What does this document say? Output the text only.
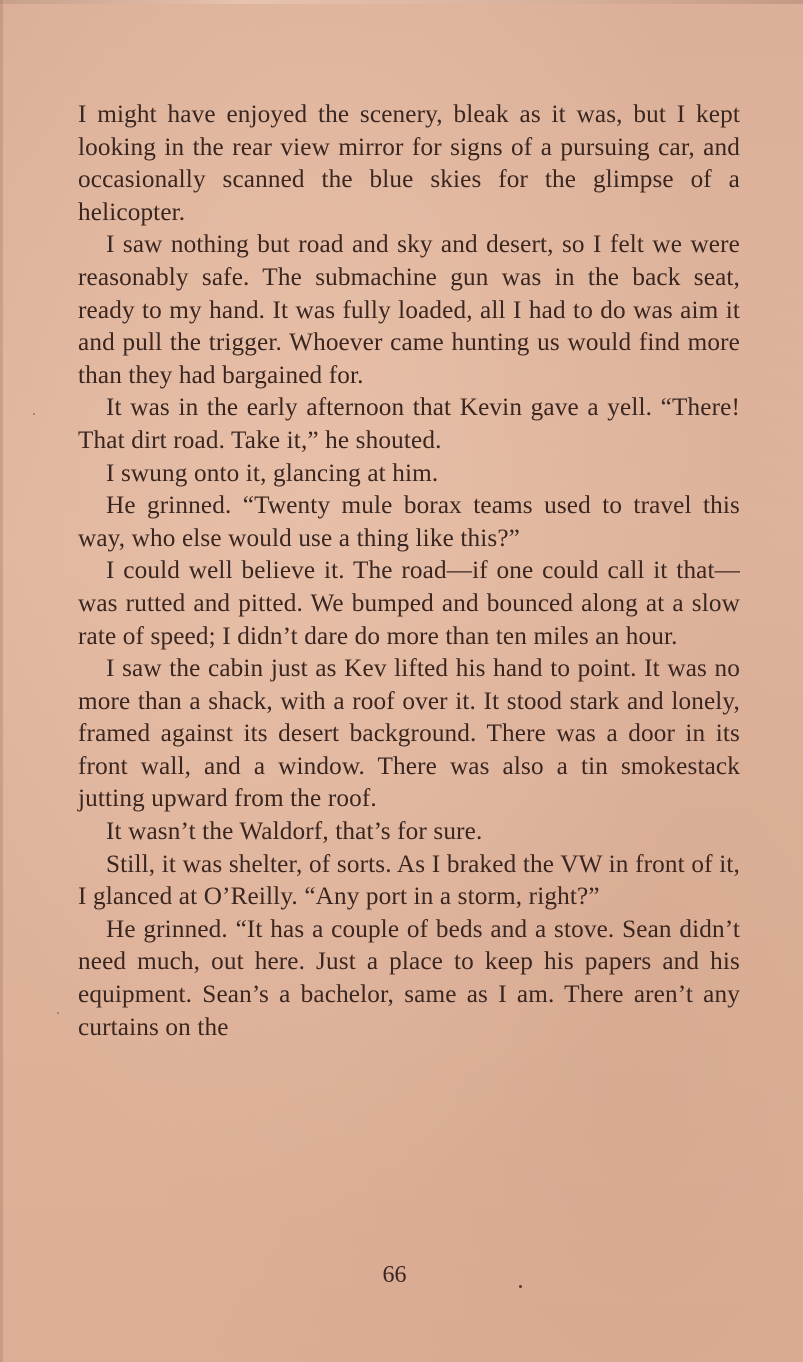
I might have enjoyed the scenery, bleak as it was, but I kept looking in the rear view mirror for signs of a pursuing car, and occasionally scanned the blue skies for the glimpse of a helicopter.

I saw nothing but road and sky and desert, so I felt we were reasonably safe. The submachine gun was in the back seat, ready to my hand. It was fully loaded, all I had to do was aim it and pull the trigger. Whoever came hunting us would find more than they had bargained for.

It was in the early afternoon that Kevin gave a yell. “There! That dirt road. Take it,” he shouted.

I swung onto it, glancing at him.

He grinned. “Twenty mule borax teams used to travel this way, who else would use a thing like this?”

I could well believe it. The road—if one could call it that—was rutted and pitted. We bumped and bounced along at a slow rate of speed; I didn’t dare do more than ten miles an hour.

I saw the cabin just as Kev lifted his hand to point. It was no more than a shack, with a roof over it. It stood stark and lonely, framed against its desert background. There was a door in its front wall, and a window. There was also a tin smokestack jutting upward from the roof.

It wasn’t the Waldorf, that’s for sure.

Still, it was shelter, of sorts. As I braked the VW in front of it, I glanced at O’Reilly. “Any port in a storm, right?”

He grinned. “It has a couple of beds and a stove. Sean didn’t need much, out here. Just a place to keep his papers and his equipment. Sean’s a bachelor, same as I am. There aren’t any curtains on the

66
